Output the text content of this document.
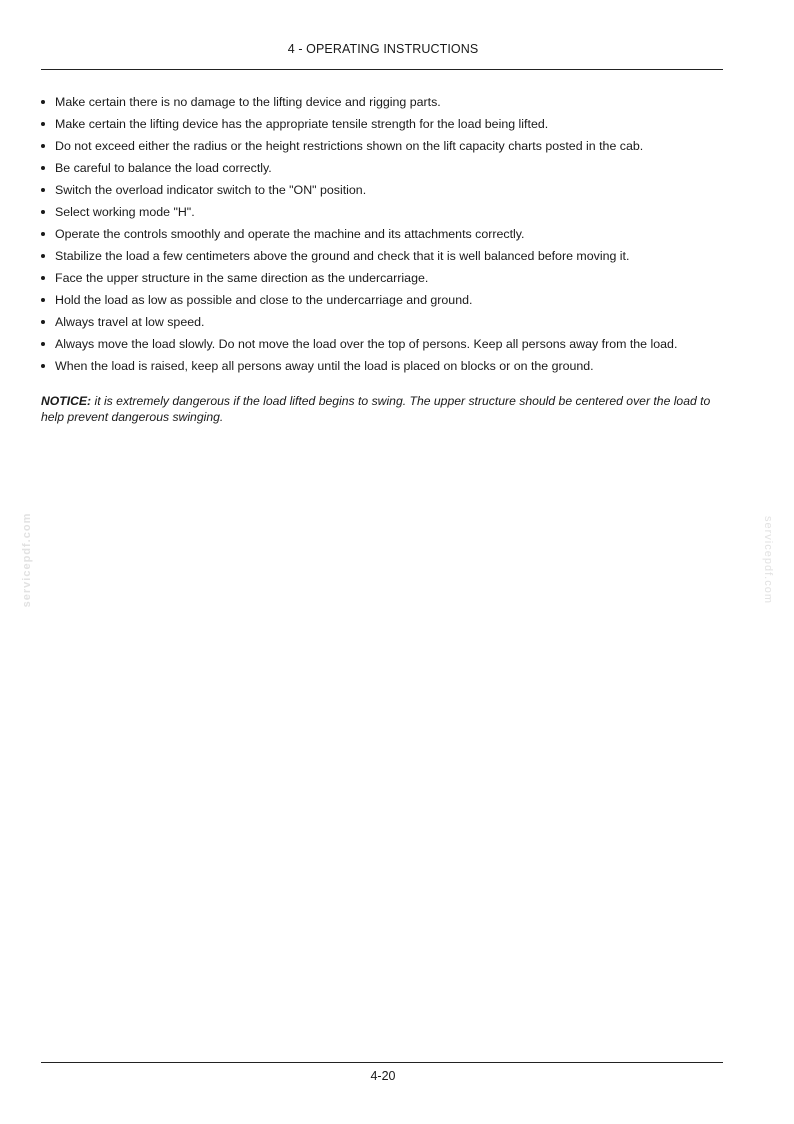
4 - OPERATING INSTRUCTIONS
Make certain there is no damage to the lifting device and rigging parts.
Make certain the lifting device has the appropriate tensile strength for the load being lifted.
Do not exceed either the radius or the height restrictions shown on the lift capacity charts posted in the cab.
Be careful to balance the load correctly.
Switch the overload indicator switch to the "ON" position.
Select working mode "H".
Operate the controls smoothly and operate the machine and its attachments correctly.
Stabilize the load a few centimeters above the ground and check that it is well balanced before moving it.
Face the upper structure in the same direction as the undercarriage.
Hold the load as low as possible and close to the undercarriage and ground.
Always travel at low speed.
Always move the load slowly. Do not move the load over the top of persons. Keep all persons away from the load.
When the load is raised, keep all persons away until the load is placed on blocks or on the ground.

NOTICE: it is extremely dangerous if the load lifted begins to swing. The upper structure should be centered over the load to help prevent dangerous swinging.

servicepdf.com	servicepdf.com
4-20
